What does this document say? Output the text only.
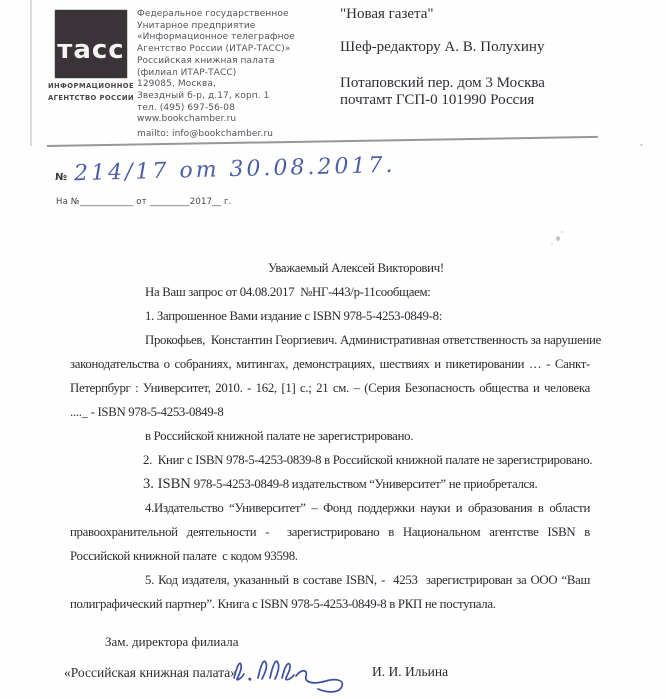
тасс
ИНФОРМАЦИОННОЕ
АГЕНТСТВО РОССИИ
Федеральное государственное
Унитарное предприятие
«Информационное телеграфное
Агентство России (ИТАР-ТАСС)»
Российская книжная палата
(филиал ИТАР-ТАСС)
129085, Москва,
Звездный б-р, д.17, корп. 1
тел. (495) 697-56-08
www.bookchamber.ru
mailto: info@bookchamber.ru
"Новая газета"
Шеф-редактору А. В. Полухину
Потаповский пер. дом 3 Москва
почтамт ГСП-0 101990 Россия
№ 214/17 от 30.08.2017.
На №____________ от _________2017__ г.
Уважаемый Алексей Викторович!
На Ваш запрос от 04.08.2017  №НГ-443/р-11сообщаем:
1. Запрошенное Вами издание с ISBN 978-5-4253-0849-8:
Прокофьев,  Константин Георгиевич. Административная ответственность за нарушение
законодательства о собраниях, митингах, демонстрациях, шествиях и пикетировании … - Санкт-
Петерпбург : Университет, 2010. - 162, [1] с.; 21 см. – (Серия Безопасность общества и человека
...._ - ISBN 978-5-4253-0849-8
в Российской книжной палате не зарегистрировано.
2.  Книг с ISBN 978-5-4253-0839-8 в Российской книжной палате не зарегистрировано.
3. ISBN 978-5-4253-0849-8 издательством “Университет” не приобретался.
4.Издательство “Университет” – Фонд поддержки науки и образования в области
правоохранительной деятельности -  зарегистрировано в Национальном агентстве ISBN в
Российской книжной палате  с кодом 93598.
5. Код издателя, указанный в составе ISBN, -  4253  зарегистрирован за ООО “Ваш
полиграфический партнер”. Книга с ISBN 978-5-4253-0849-8 в РКП не поступала.
Зам. директора филиала
«Российская книжная палата»	И. И. Ильина
